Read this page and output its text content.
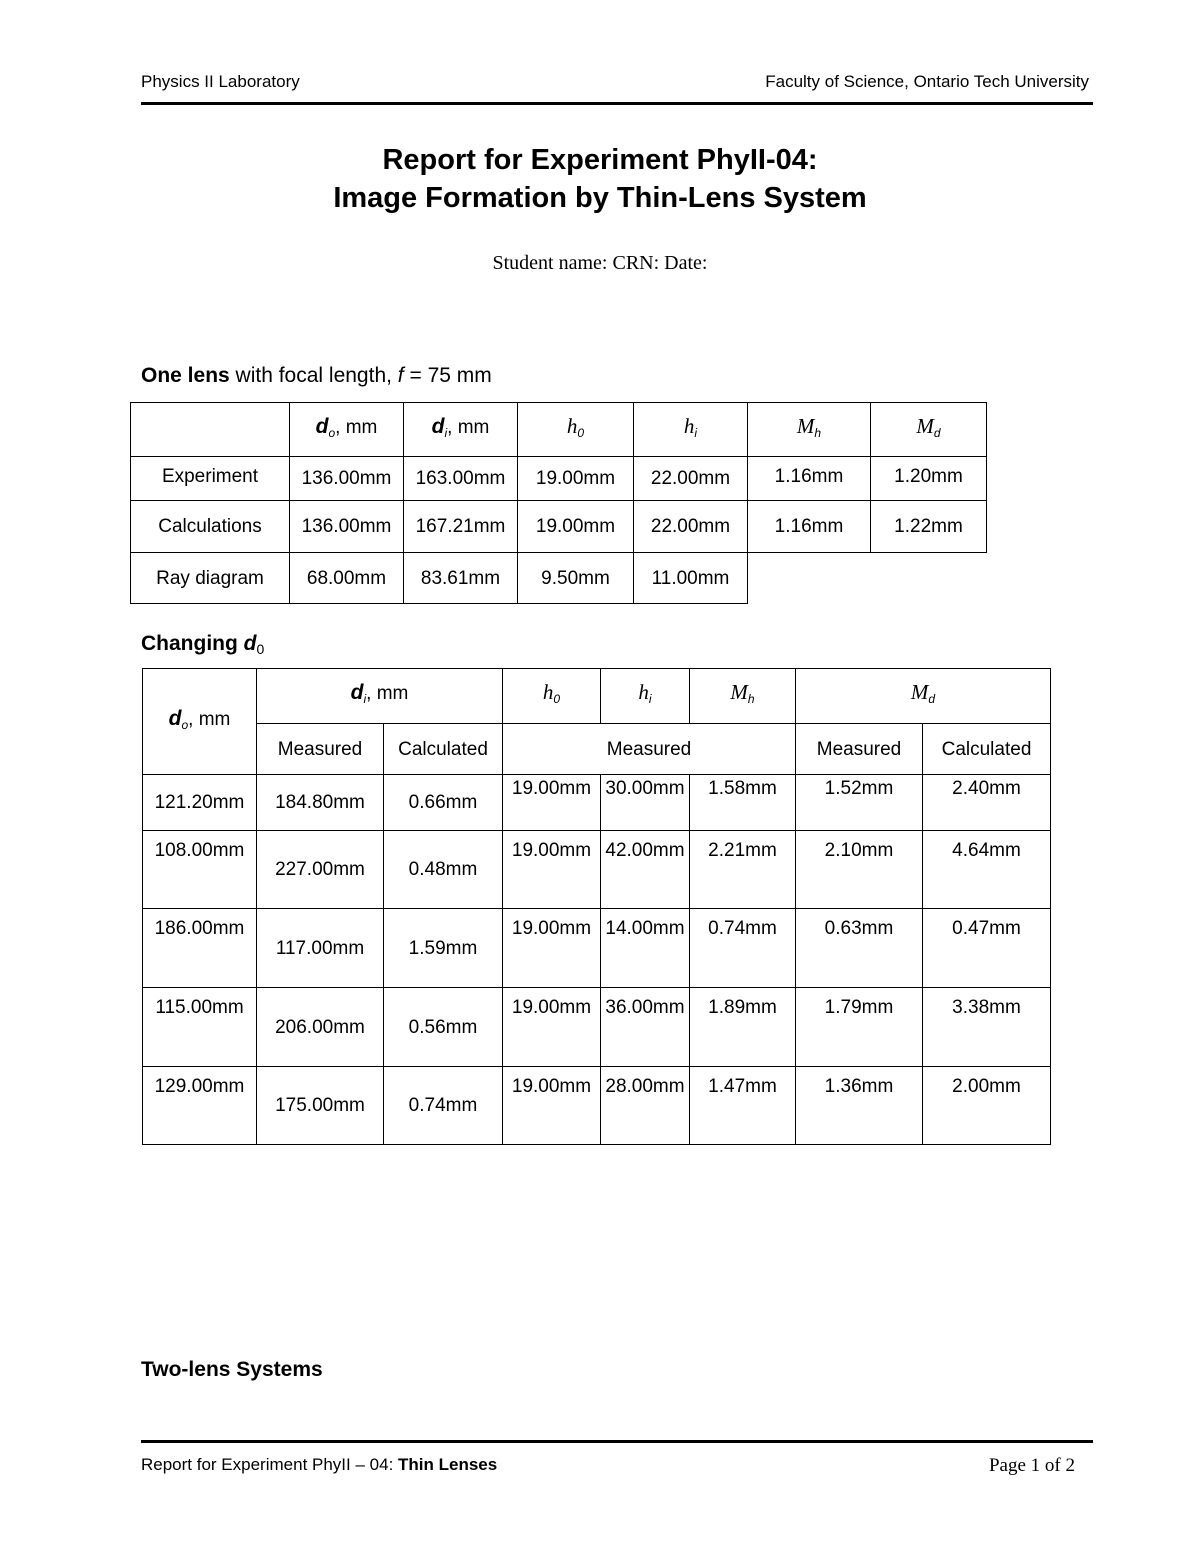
Physics II Laboratory	Faculty of Science, Ontario Tech University
Report for Experiment PhyII-04:
Image Formation by Thin-Lens System
Student name: CRN: Date:
One lens with focal length, f = 75 mm
	$d_o$, mm	$d_i$, mm	$h_0$	$h_i$	$M_h$	$M_d$
Experiment	136.00mm	163.00mm	19.00mm	22.00mm	1.16mm	1.20mm
Calculations	136.00mm	167.21mm	19.00mm	22.00mm	1.16mm	1.22mm
Ray diagram	68.00mm	83.61mm	9.50mm	11.00mm		
Changing $d_0$
$d_o$, mm	$d_i$, mm		$h_0$	$h_i$	$M_h$	$M_d$
	Measured	Calculated	Measured			Measured	Calculated
121.20mm	184.80mm	0.66mm	19.00mm	30.00mm	1.58mm	1.52mm	2.40mm
108.00mm	227.00mm	0.48mm	19.00mm	42.00mm	2.21mm	2.10mm	4.64mm
186.00mm	117.00mm	1.59mm	19.00mm	14.00mm	0.74mm	0.63mm	0.47mm
115.00mm	206.00mm	0.56mm	19.00mm	36.00mm	1.89mm	1.79mm	3.38mm
129.00mm	175.00mm	0.74mm	19.00mm	28.00mm	1.47mm	1.36mm	2.00mm
Two-lens Systems
Report for Experiment PhyII – 04: Thin Lenses	Page 1 of 2
